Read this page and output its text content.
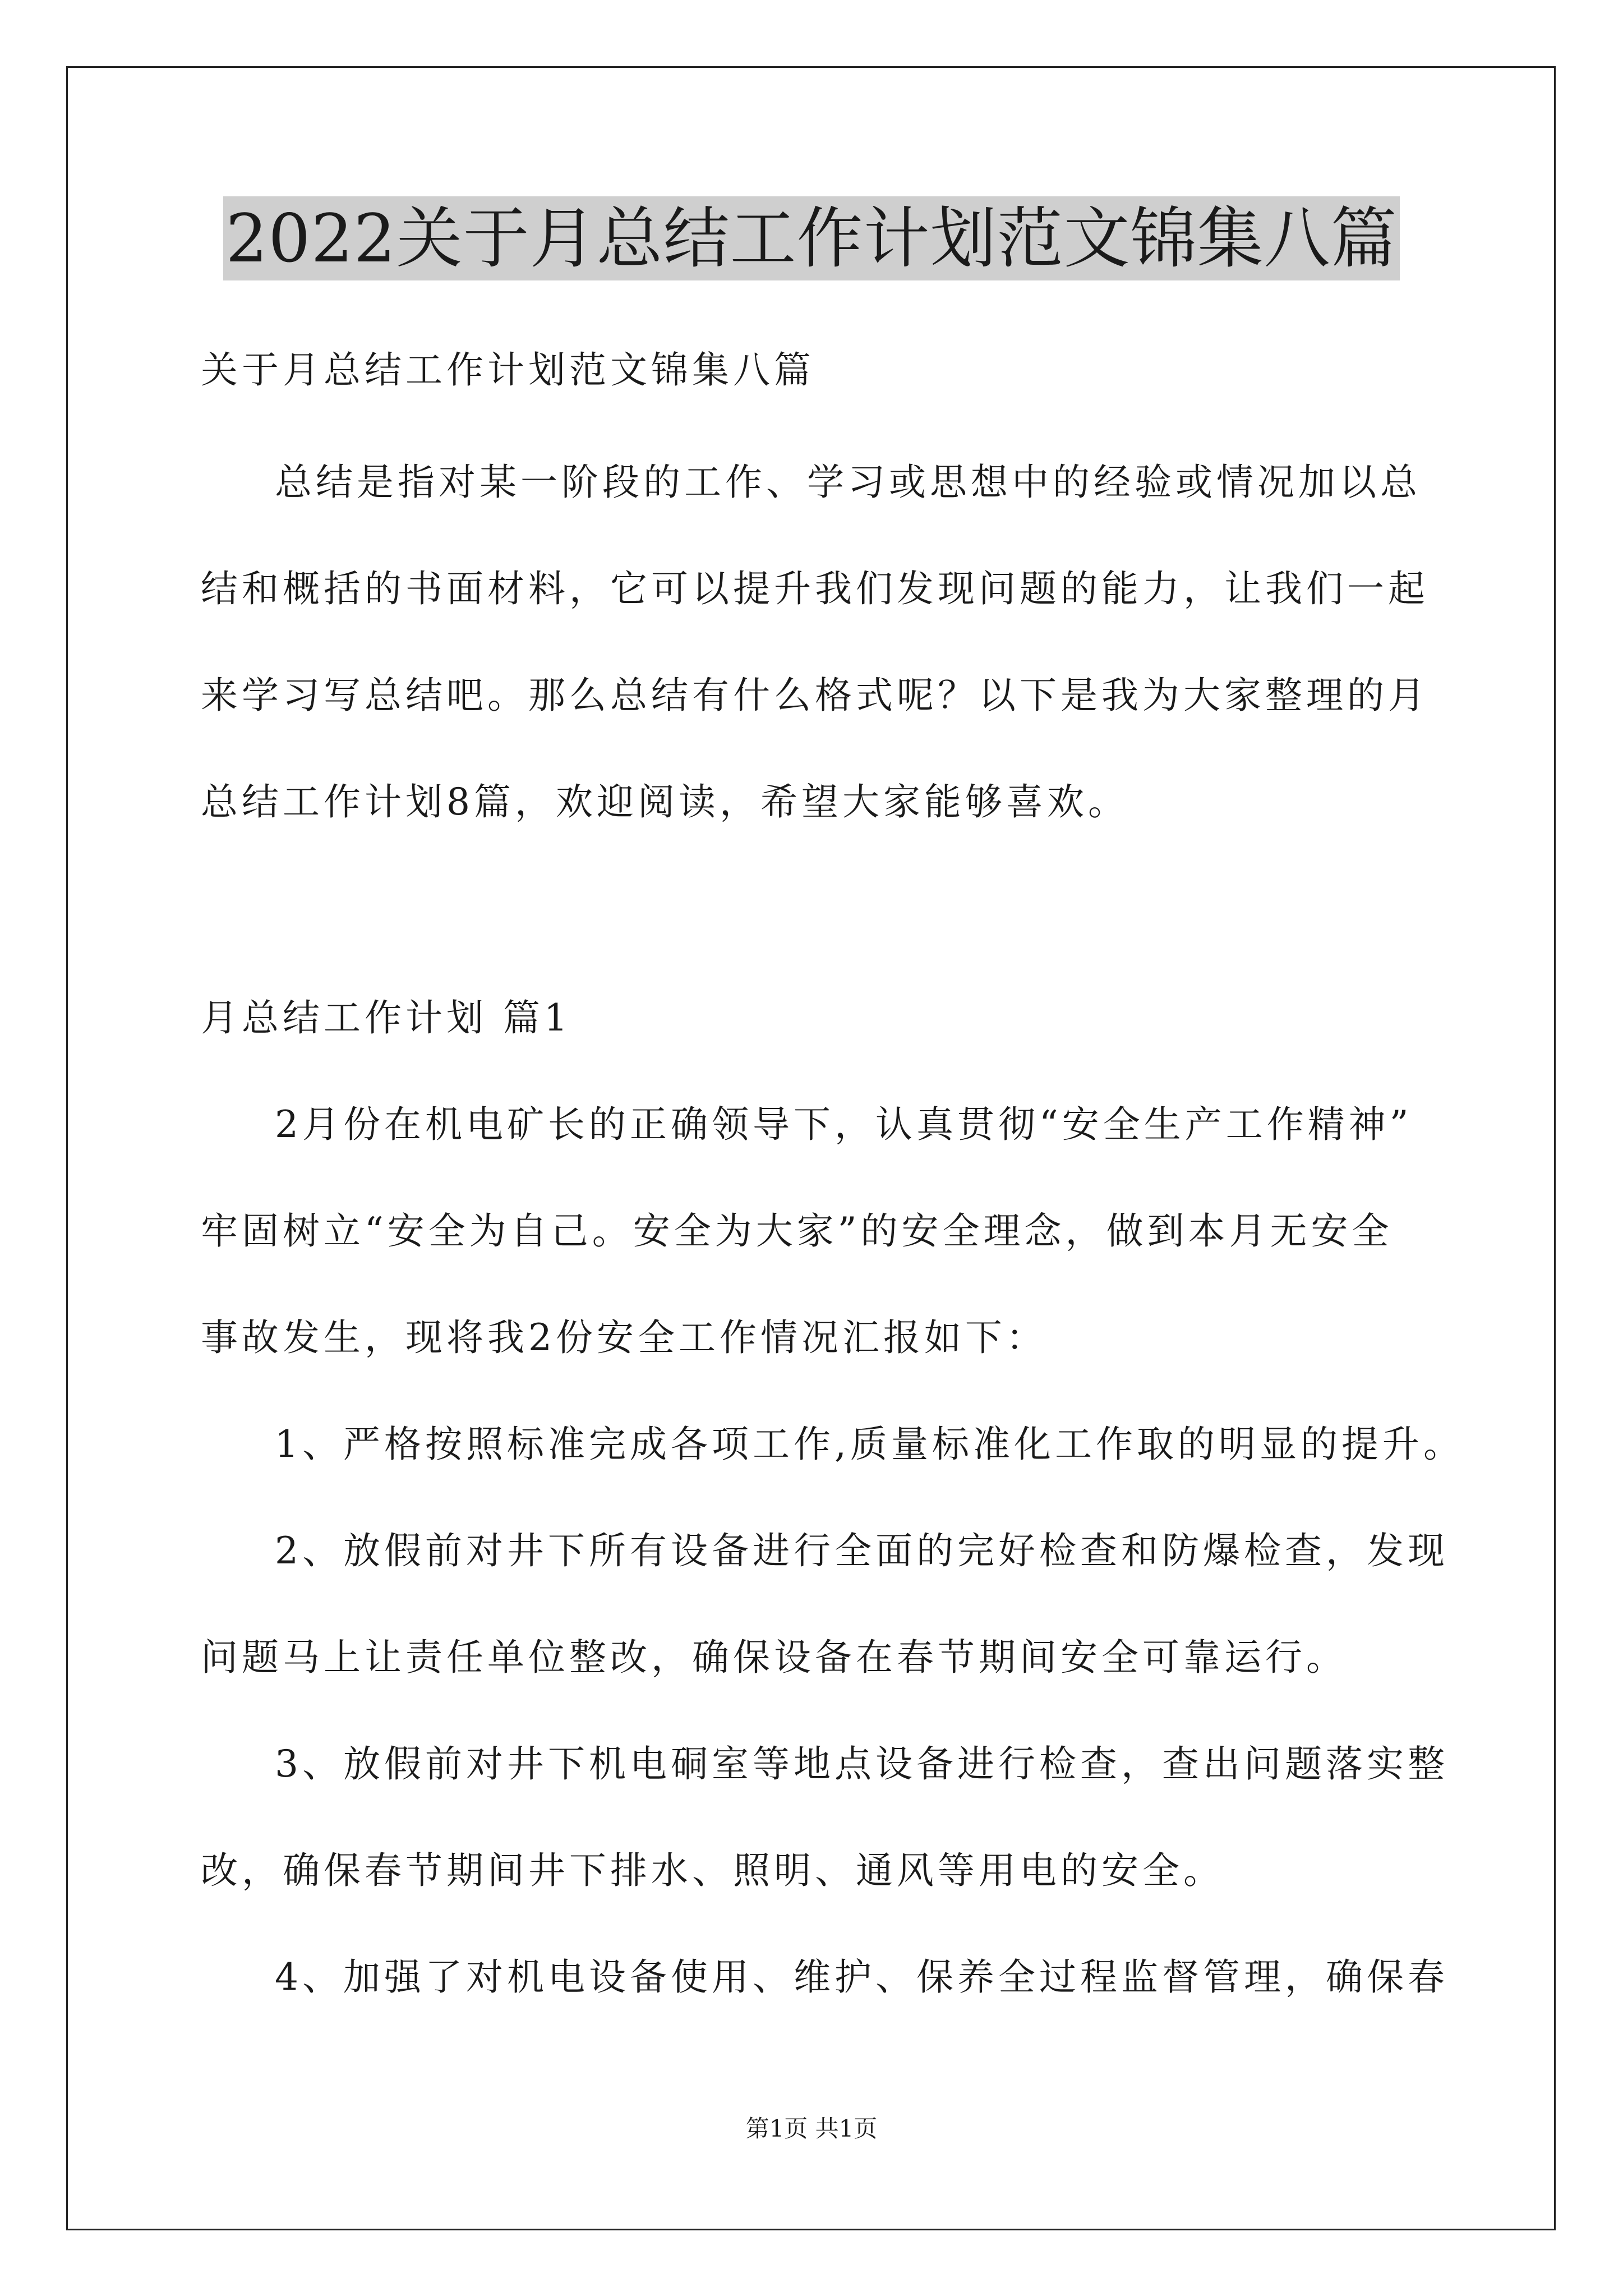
2022关于月总结工作计划范文锦集八篇
关于月总结工作计划范文锦集八篇
总结是指对某一阶段的工作、学习或思想中的经验或情况加以总
结和概括的书面材料，它可以提升我们发现问题的能力，让我们一起
来学习写总结吧。那么总结有什么格式呢？以下是我为大家整理的月
总结工作计划8篇，欢迎阅读，希望大家能够喜欢。
月总结工作计划 篇1
2月份在机电矿长的正确领导下，认真贯彻“安全生产工作精神”
牢固树立“安全为自己。安全为大家”的安全理念，做到本月无安全
事故发生，现将我2份安全工作情况汇报如下：
1、严格按照标准完成各项工作,质量标准化工作取的明显的提升。
2、放假前对井下所有设备进行全面的完好检查和防爆检查，发现
问题马上让责任单位整改，确保设备在春节期间安全可靠运行。
3、放假前对井下机电硐室等地点设备进行检查，查出问题落实整
改，确保春节期间井下排水、照明、通风等用电的安全。
4、加强了对机电设备使用、维护、保养全过程监督管理，确保春
第1页 共1页
